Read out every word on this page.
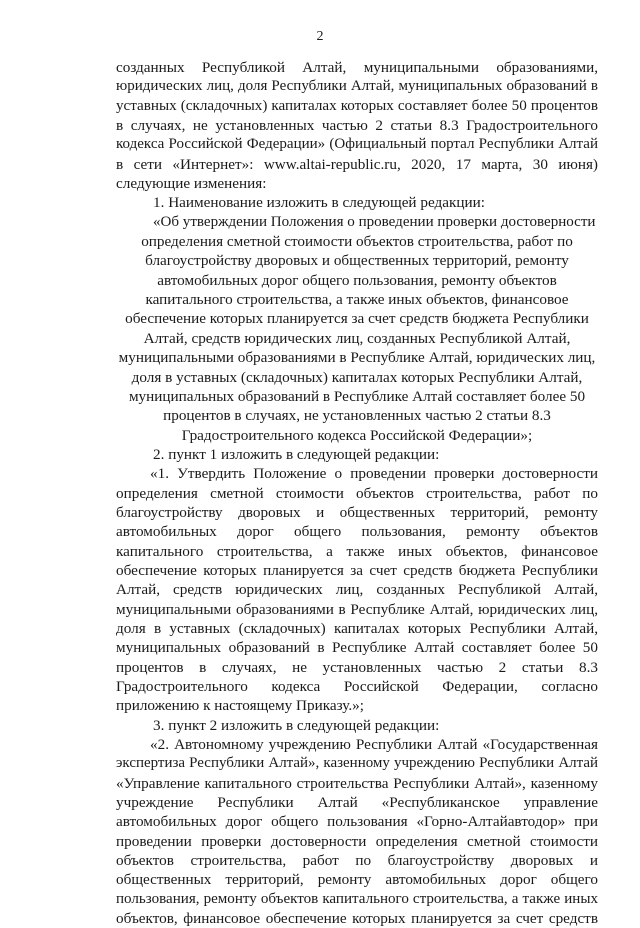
2
созданных Республикой Алтай, муниципальными образованиями,
юридических лиц, доля Республики Алтай, муниципальных образований в
уставных (складочных) капиталах которых составляет более 50 процентов
в случаях, не установленных частью 2 статьи 8.3 Градостроительного
кодекса Российской Федерации» (Официальный портал Республики Алтай
в сети «Интернет»: www.altai-republic.ru, 2020, 17 марта, 30 июня)
следующие изменения:
1. Наименование изложить в следующей редакции:
«Об утверждении Положения о проведении проверки достоверности
определения сметной стоимости объектов строительства, работ по
благоустройству дворовых и общественных территорий, ремонту
автомобильных дорог общего пользования, ремонту объектов
капитального строительства, а также иных объектов, финансовое
обеспечение которых планируется за счет средств бюджета Республики
Алтай, средств юридических лиц, созданных Республикой Алтай,
муниципальными образованиями в Республике Алтай, юридических лиц,
доля в уставных (складочных) капиталах которых Республики Алтай,
муниципальных образований в Республике Алтай составляет более 50
процентов в случаях, не установленных частью 2 статьи 8.3
Градостроительного кодекса Российской Федерации»;
2. пункт 1 изложить в следующей редакции:
«1. Утвердить Положение о проведении проверки достоверности
определения сметной стоимости объектов строительства, работ по
благоустройству дворовых и общественных территорий, ремонту
автомобильных дорог общего пользования, ремонту объектов
капитального строительства, а также иных объектов, финансовое
обеспечение которых планируется за счет средств бюджета Республики
Алтай, средств юридических лиц, созданных Республикой Алтай,
муниципальными образованиями в Республике Алтай, юридических лиц,
доля в уставных (складочных) капиталах которых Республики Алтай,
муниципальных образований в Республике Алтай составляет более 50
процентов в случаях, не установленных частью 2 статьи 8.3
Градостроительного кодекса Российской Федерации, согласно
приложению к настоящему Приказу.»;
3. пункт 2 изложить в следующей редакции:
«2. Автономному учреждению Республики Алтай «Государственная
экспертиза Республики Алтай», казенному учреждению Республики Алтай
«Управление капитального строительства Республики Алтай», казенному
учреждение Республики Алтай «Республиканское управление
автомобильных дорог общего пользования «Горно-Алтайавтодор» при
проведении проверки достоверности определения сметной стоимости
объектов строительства, работ по благоустройству дворовых и
общественных территорий, ремонту автомобильных дорог общего
пользования, ремонту объектов капитального строительства, а также иных
объектов, финансовое обеспечение которых планируется за счет средств
